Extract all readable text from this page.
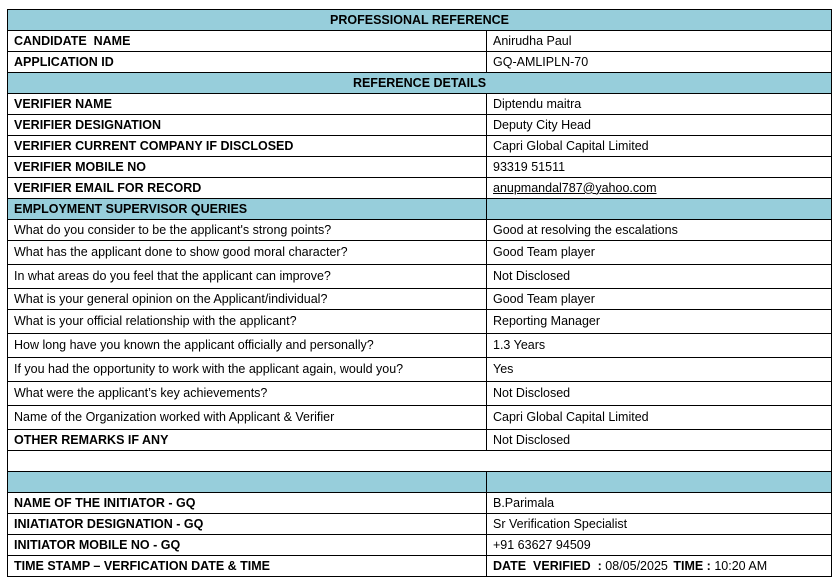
PROFESSIONAL REFERENCE	
CANDIDATE  NAME	Anirudha Paul
APPLICATION ID	GQ-AMLIPLN-70
REFERENCE DETAILS	
VERIFIER NAME	Diptendu maitra
VERIFIER DESIGNATION	Deputy City Head
VERIFIER CURRENT COMPANY IF DISCLOSED	Capri Global Capital Limited
VERIFIER MOBILE NO	93319 51511
VERIFIER EMAIL FOR RECORD	anupmandal787@yahoo.com
EMPLOYMENT SUPERVISOR QUERIES	
What do you consider to be the applicant's strong points?	Good at resolving the escalations
What has the applicant done to show good moral character?	Good Team player
In what areas do you feel that the applicant can improve?	Not Disclosed
What is your general opinion on the Applicant/individual?	Good Team player
What is your official relationship with the applicant?	Reporting Manager
How long have you known the applicant officially and personally?	1.3 Years
If you had the opportunity to work with the applicant again, would you?	Yes
What were the applicant’s key achievements?	Not Disclosed
Name of the Organization worked with Applicant & Verifier	Capri Global Capital Limited
OTHER REMARKS IF ANY	Not Disclosed

NAME OF THE INITIATOR - GQ	B.Parimala
INIATIATOR DESIGNATION - GQ	Sr Verification Specialist
INITIATOR MOBILE NO - GQ	+91 63627 94509
TIME STAMP – VERFICATION DATE & TIME	DATE  VERIFIED  : 08/05/2025 TIME : 10:20 AM
